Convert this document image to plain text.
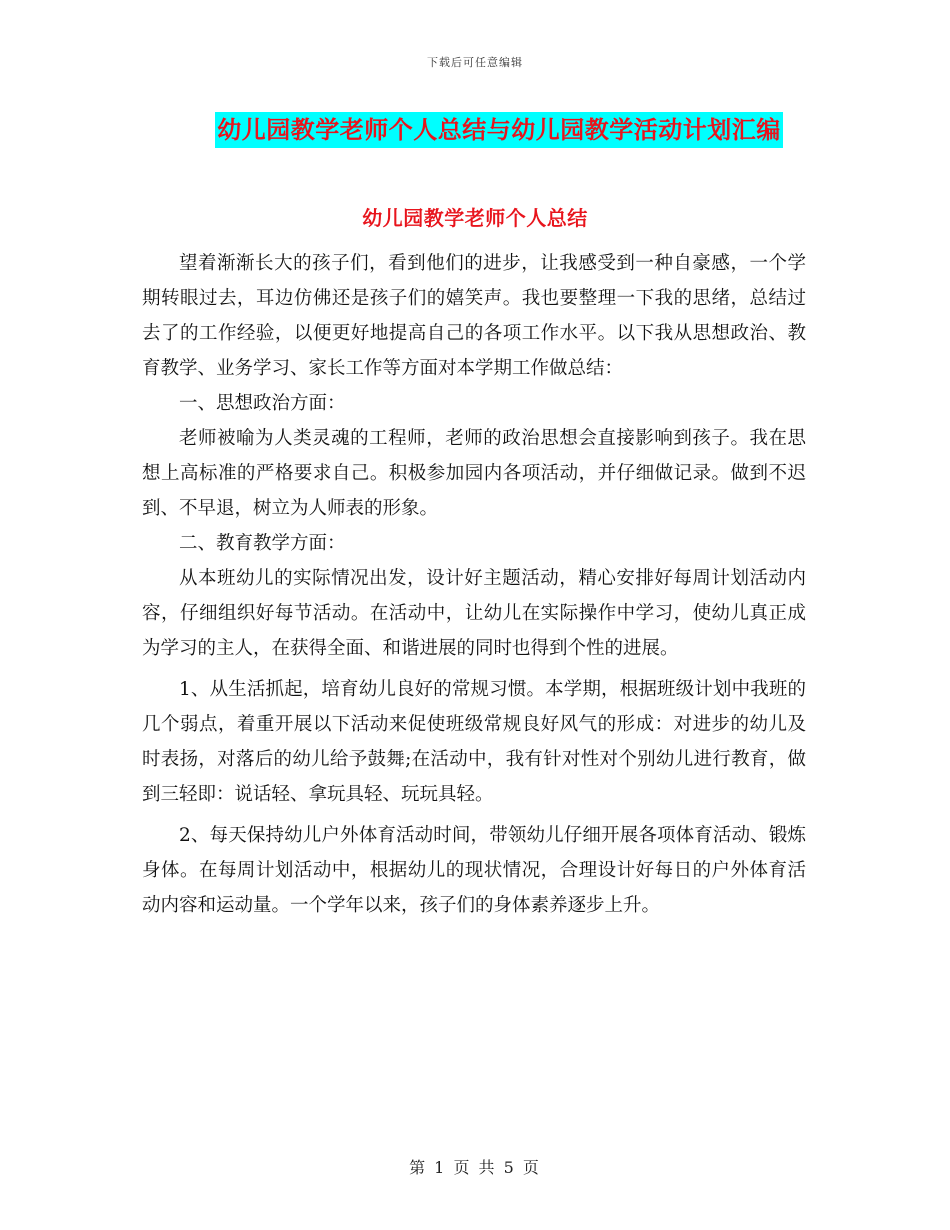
下载后可任意编辑
幼儿园教学老师个人总结与幼儿园教学活动计划汇编
幼儿园教学老师个人总结

望着渐渐长大的孩子们，看到他们的进步，让我感受到一种自豪感，一个学期转眼过去，耳边仿佛还是孩子们的嬉笑声。我也要整理一下我的思绪，总结过去了的工作经验，以便更好地提高自己的各项工作水平。以下我从思想政治、教育教学、业务学习、家长工作等方面对本学期工作做总结：

一、思想政治方面：

老师被喻为人类灵魂的工程师，老师的政治思想会直接影响到孩子。我在思想上高标准的严格要求自己。积极参加园内各项活动，并仔细做记录。做到不迟到、不早退，树立为人师表的形象。

二、教育教学方面：

从本班幼儿的实际情况出发，设计好主题活动，精心安排好每周计划活动内容，仔细组织好每节活动。在活动中，让幼儿在实际操作中学习，使幼儿真正成为学习的主人，在获得全面、和谐进展的同时也得到个性的进展。

1、从生活抓起，培育幼儿良好的常规习惯。本学期，根据班级计划中我班的几个弱点，着重开展以下活动来促使班级常规良好风气的形成：对进步的幼儿及时表扬，对落后的幼儿给予鼓舞;在活动中，我有针对性对个别幼儿进行教育，做到三轻即：说话轻、拿玩具轻、玩玩具轻。

2、每天保持幼儿户外体育活动时间，带领幼儿仔细开展各项体育活动、锻炼身体。在每周计划活动中，根据幼儿的现状情况，合理设计好每日的户外体育活动内容和运动量。一个学年以来，孩子们的身体素养逐步上升。

第 1 页 共 5 页
